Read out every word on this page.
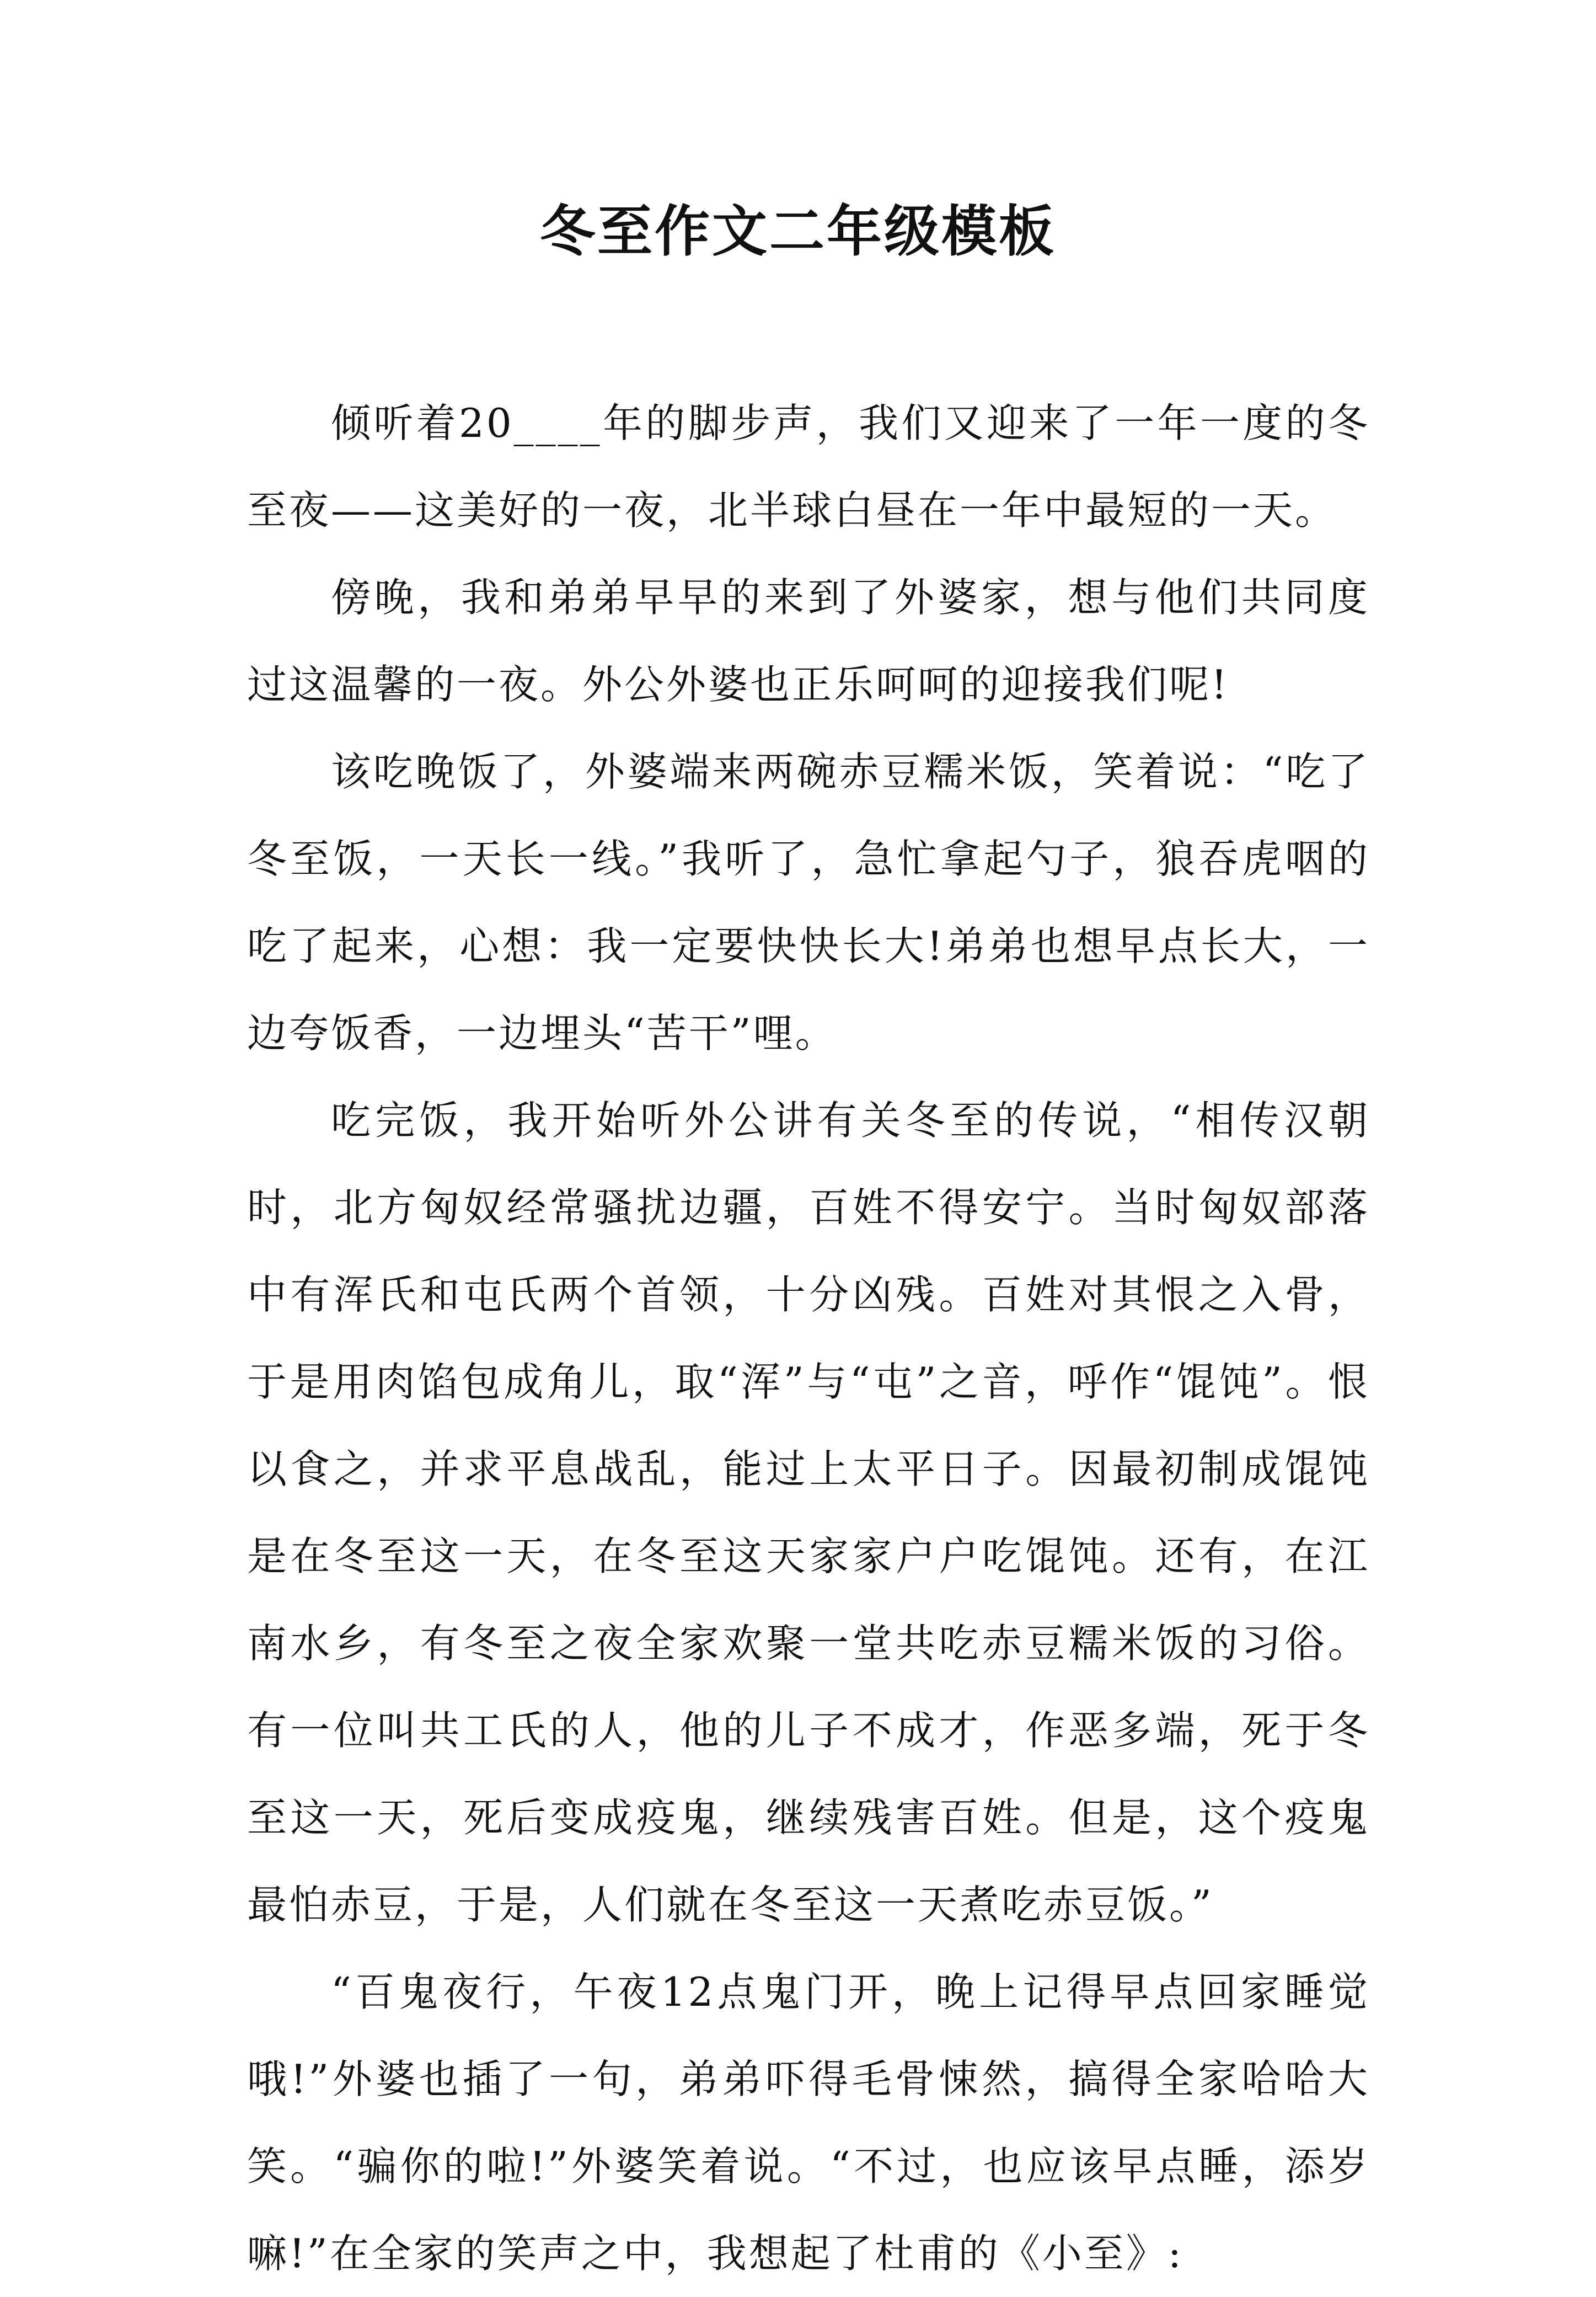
冬至作文二年级模板

倾听着20____年的脚步声，我们又迎来了一年一度的冬至夜——这美好的一夜，北半球白昼在一年中最短的一天。

傍晚，我和弟弟早早的来到了外婆家，想与他们共同度过这温馨的一夜。外公外婆也正乐呵呵的迎接我们呢!

该吃晚饭了，外婆端来两碗赤豆糯米饭，笑着说：“吃了冬至饭，一天长一线。”我听了，急忙拿起勺子，狼吞虎咽的吃了起来，心想：我一定要快快长大!弟弟也想早点长大，一边夸饭香，一边埋头“苦干”哩。

吃完饭，我开始听外公讲有关冬至的传说，“相传汉朝时，北方匈奴经常骚扰边疆，百姓不得安宁。当时匈奴部落中有浑氏和屯氏两个首领，十分凶残。百姓对其恨之入骨，于是用肉馅包成角儿，取“浑”与“屯”之音，呼作“馄饨”。恨以食之，并求平息战乱，能过上太平日子。因最初制成馄饨是在冬至这一天，在冬至这天家家户户吃馄饨。还有，在江南水乡，有冬至之夜全家欢聚一堂共吃赤豆糯米饭的习俗。有一位叫共工氏的人，他的儿子不成才，作恶多端，死于冬至这一天，死后变成疫鬼，继续残害百姓。但是，这个疫鬼最怕赤豆，于是，人们就在冬至这一天煮吃赤豆饭。”

“百鬼夜行，午夜12点鬼门开，晚上记得早点回家睡觉哦!”外婆也插了一句，弟弟吓得毛骨悚然，搞得全家哈哈大笑。“骗你的啦!”外婆笑着说。“不过，也应该早点睡，添岁嘛!”在全家的笑声之中，我想起了杜甫的《小至》:
